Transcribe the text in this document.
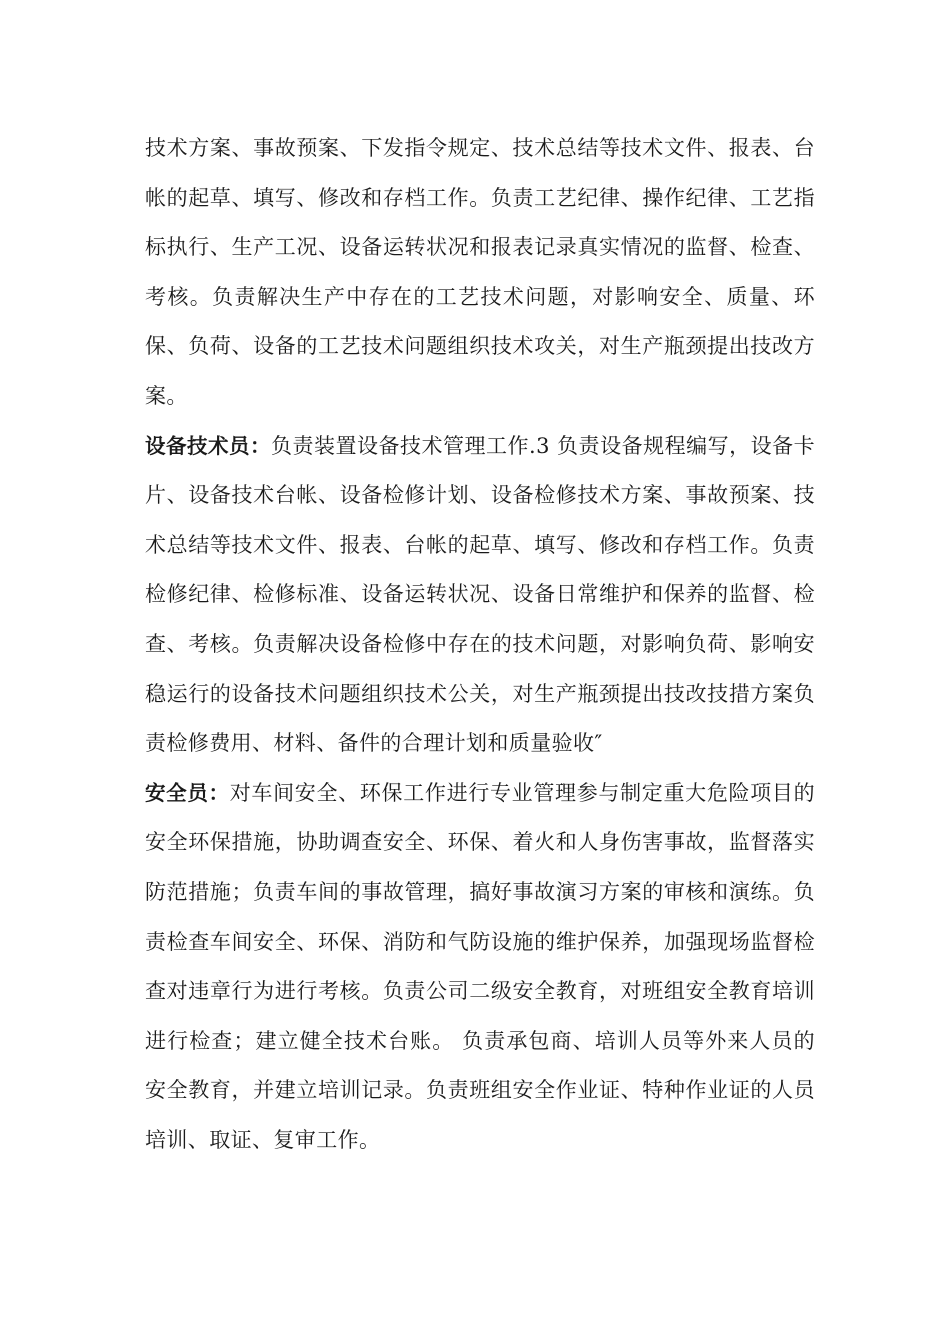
技术方案、事故预案、下发指令规定、技术总结等技术文件、报表、台帐的起草、填写、修改和存档工作。负责工艺纪律、操作纪律、工艺指标执行、生产工况、设备运转状况和报表记录真实情况的监督、检查、考核。负责解决生产中存在的工艺技术问题，对影响安全、质量、环保、负荷、设备的工艺技术问题组织技术攻关，对生产瓶颈提出技改方案。

设备技术员：负责装置设备技术管理工作.3 负责设备规程编写，设备卡片、设备技术台帐、设备检修计划、设备检修技术方案、事故预案、技术总结等技术文件、报表、台帐的起草、填写、修改和存档工作。负责检修纪律、检修标准、设备运转状况、设备日常维护和保养的监督、检查、考核。负责解决设备检修中存在的技术问题，对影响负荷、影响安稳运行的设备技术问题组织技术公关，对生产瓶颈提出技改技措方案负责检修费用、材料、备件的合理计划和质量验收″

安全员：对车间安全、环保工作进行专业管理参与制定重大危险项目的安全环保措施，协助调查安全、环保、着火和人身伤害事故，监督落实防范措施；负责车间的事故管理，搞好事故演习方案的审核和演练。负责检查车间安全、环保、消防和气防设施的维护保养，加强现场监督检查对违章行为进行考核。负责公司二级安全教育，对班组安全教育培训进行检查；建立健全技术台账。 负责承包商、培训人员等外来人员的安全教育，并建立培训记录。负责班组安全作业证、特种作业证的人员培训、取证、复审工作。
